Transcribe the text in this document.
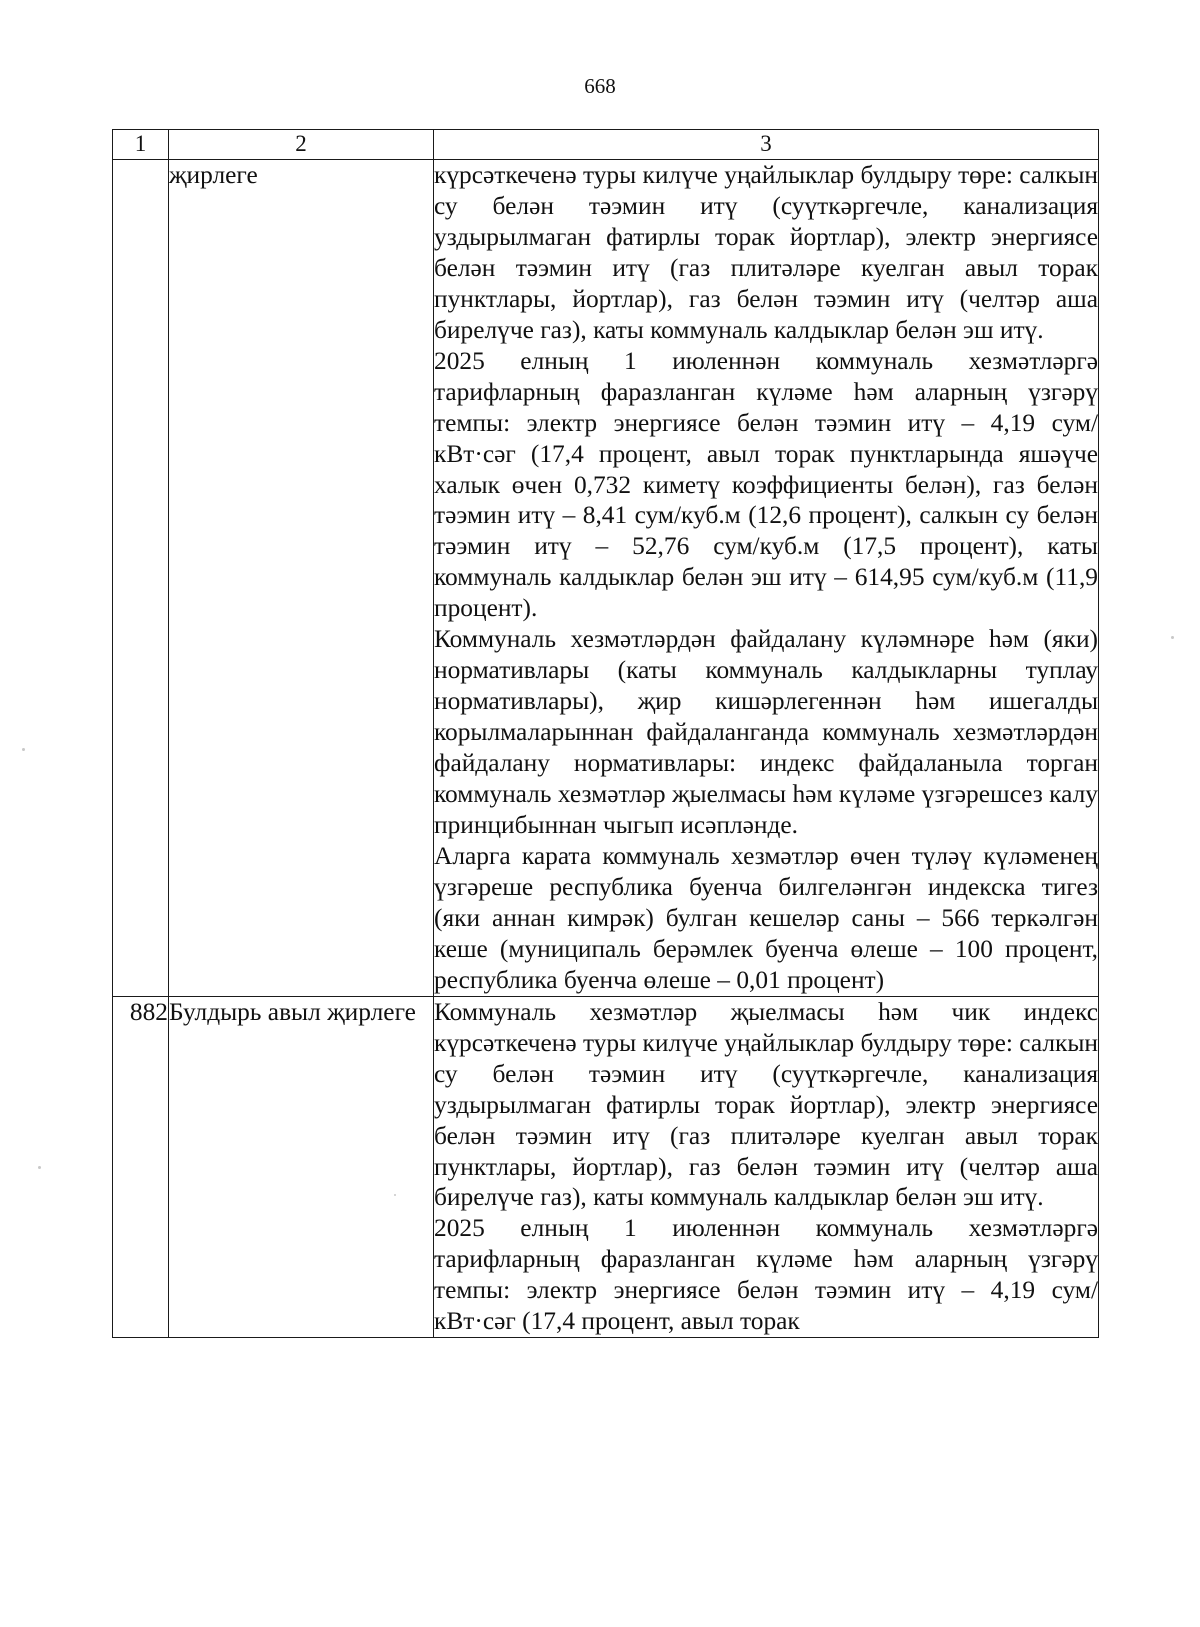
668
1	2	3
	җирлеге	күрсәткеченә туры килүче уңайлыклар булдыру төре: салкын су белән тәэмин итү (суүткәргечле, канализация уздырылмаган фатирлы торак йортлар), электр энергиясе белән тәэмин итү (газ плитәләре куелган авыл торак пунктлары, йортлар), газ белән тәэмин итү (челтәр аша бирелүче газ), каты коммуналь калдыклар белән эш итү.

2025 елның 1 июленнән коммуналь хезмәтләргә тарифларның фаразланган күләме һәм аларның үзгәрү темпы: электр энергиясе белән тәэмин итү – 4,19 сум/кВт·сәг (17,4 процент, авыл торак пунктларында яшәүче халык өчен 0,732 киметү коэффициенты белән), газ белән тәэмин итү – 8,41 сум/куб.м (12,6 процент), салкын су белән тәэмин итү – 52,76 сум/куб.м (17,5 процент), каты коммуналь калдыклар белән эш итү – 614,95 сум/куб.м (11,9 процент).

Коммуналь хезмәтләрдән файдалану күләмнәре һәм (яки) нормативлары (каты коммуналь калдыкларны туплау нормативлары), җир кишәрлегеннән һәм ишегалды корылмаларыннан файдаланганда коммуналь хезмәтләрдән файдалану нормативлары: индекс файдаланыла торган коммуналь хезмәтләр җыелмасы һәм күләме үзгәрешсез калу принцибыннан чыгып исәпләнде.

Аларга карата коммуналь хезмәтләр өчен түләү күләменең үзгәреше республика буенча билгеләнгән индекска тигез (яки аннан кимрәк) булган кешеләр саны – 566 теркәлгән кеше (муниципаль берәмлек буенча өлеше – 100 процент, республика буенча өлеше – 0,01 процент)

882	Булдырь авыл җирлеге	Коммуналь хезмәтләр җыелмасы һәм чик индекс күрсәткеченә туры килүче уңайлыклар булдыру төре: салкын су белән тәэмин итү (суүткәргечле, канализация уздырылмаган фатирлы торак йортлар), электр энергиясе белән тәэмин итү (газ плитәләре куелган авыл торак пунктлары, йортлар), газ белән тәэмин итү (челтәр аша бирелүче газ), каты коммуналь калдыклар белән эш итү.

2025 елның 1 июленнән коммуналь хезмәтләргә тарифларның фаразланган күләме һәм аларның үзгәрү темпы: электр энергиясе белән тәэмин итү – 4,19 сум/кВт·сәг (17,4 процент, авыл торак
